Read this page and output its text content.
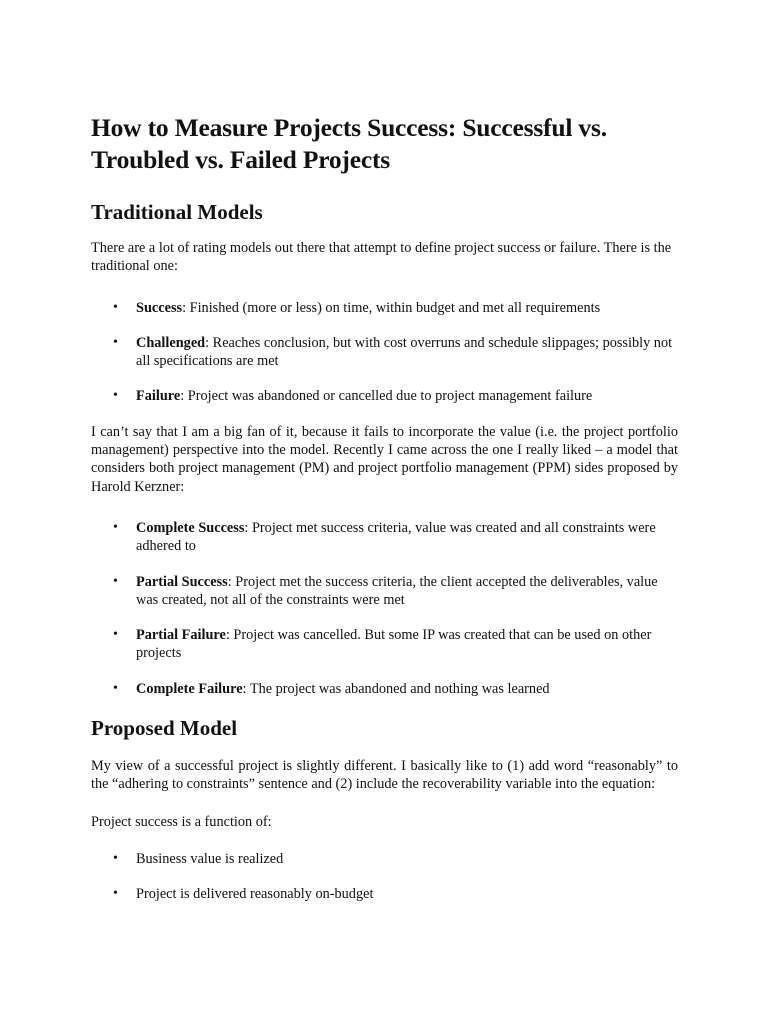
How to Measure Projects Success: Successful vs. Troubled vs. Failed Projects
Traditional Models

There are a lot of rating models out there that attempt to define project success or failure. There is the traditional one:

• Success: Finished (more or less) on time, within budget and met all requirements
• Challenged: Reaches conclusion, but with cost overruns and schedule slippages; possibly not all specifications are met
• Failure: Project was abandoned or cancelled due to project management failure

I can’t say that I am a big fan of it, because it fails to incorporate the value (i.e. the project portfolio management) perspective into the model. Recently I came across the one I really liked – a model that considers both project management (PM) and project portfolio management (PPM) sides proposed by Harold Kerzner:

• Complete Success: Project met success criteria, value was created and all constraints were adhered to
• Partial Success: Project met the success criteria, the client accepted the deliverables, value was created, not all of the constraints were met
• Partial Failure: Project was cancelled. But some IP was created that can be used on other projects
• Complete Failure: The project was abandoned and nothing was learned
Proposed Model

My view of a successful project is slightly different. I basically like to (1) add word “reasonably” to the “adhering to constraints” sentence and (2) include the recoverability variable into the equation:

Project success is a function of:

• Business value is realized
• Project is delivered reasonably on-budget
